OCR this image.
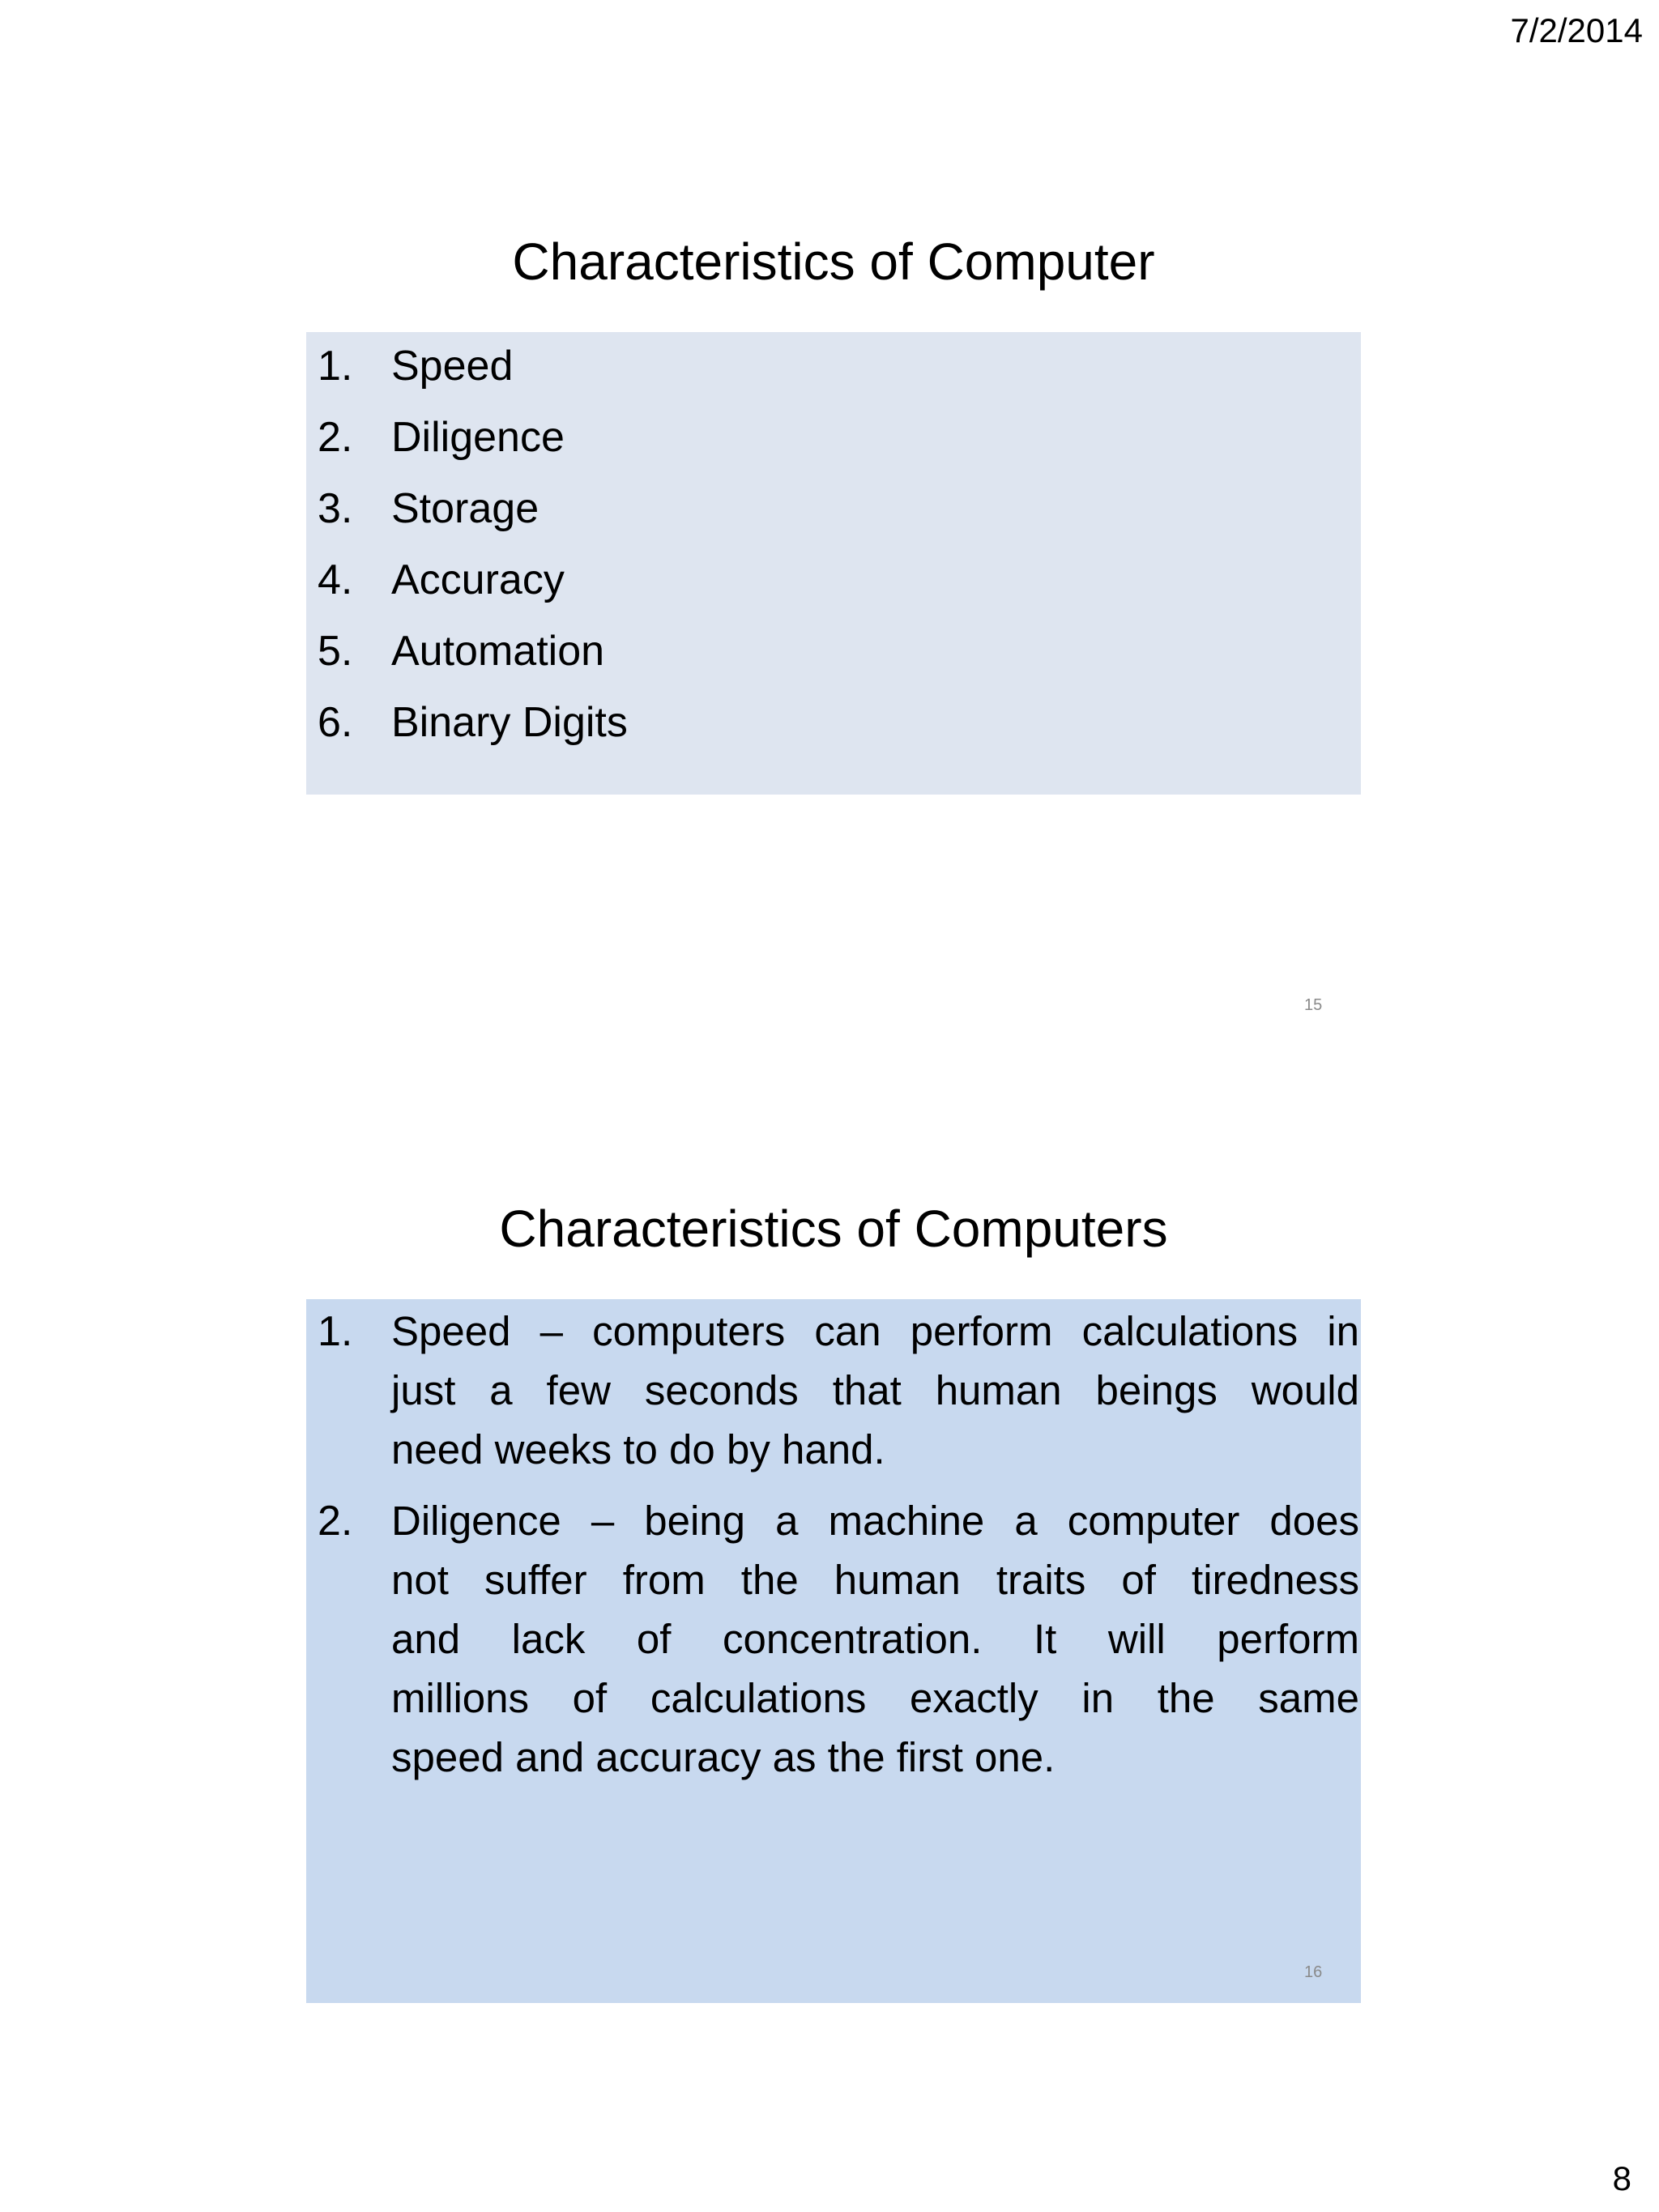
7/2/2014
Characteristics of Computer
1. Speed
2. Diligence
3. Storage
4. Accuracy
5. Automation
6. Binary Digits
15
Characteristics of Computers
1. Speed – computers can perform calculations in
just a few seconds that human beings would
need weeks to do by hand.
2. Diligence – being a machine a computer does
not suffer from the human traits of tiredness
and lack of concentration. It will perform
millions of calculations exactly in the same
speed and accuracy as the first one.
16
8
